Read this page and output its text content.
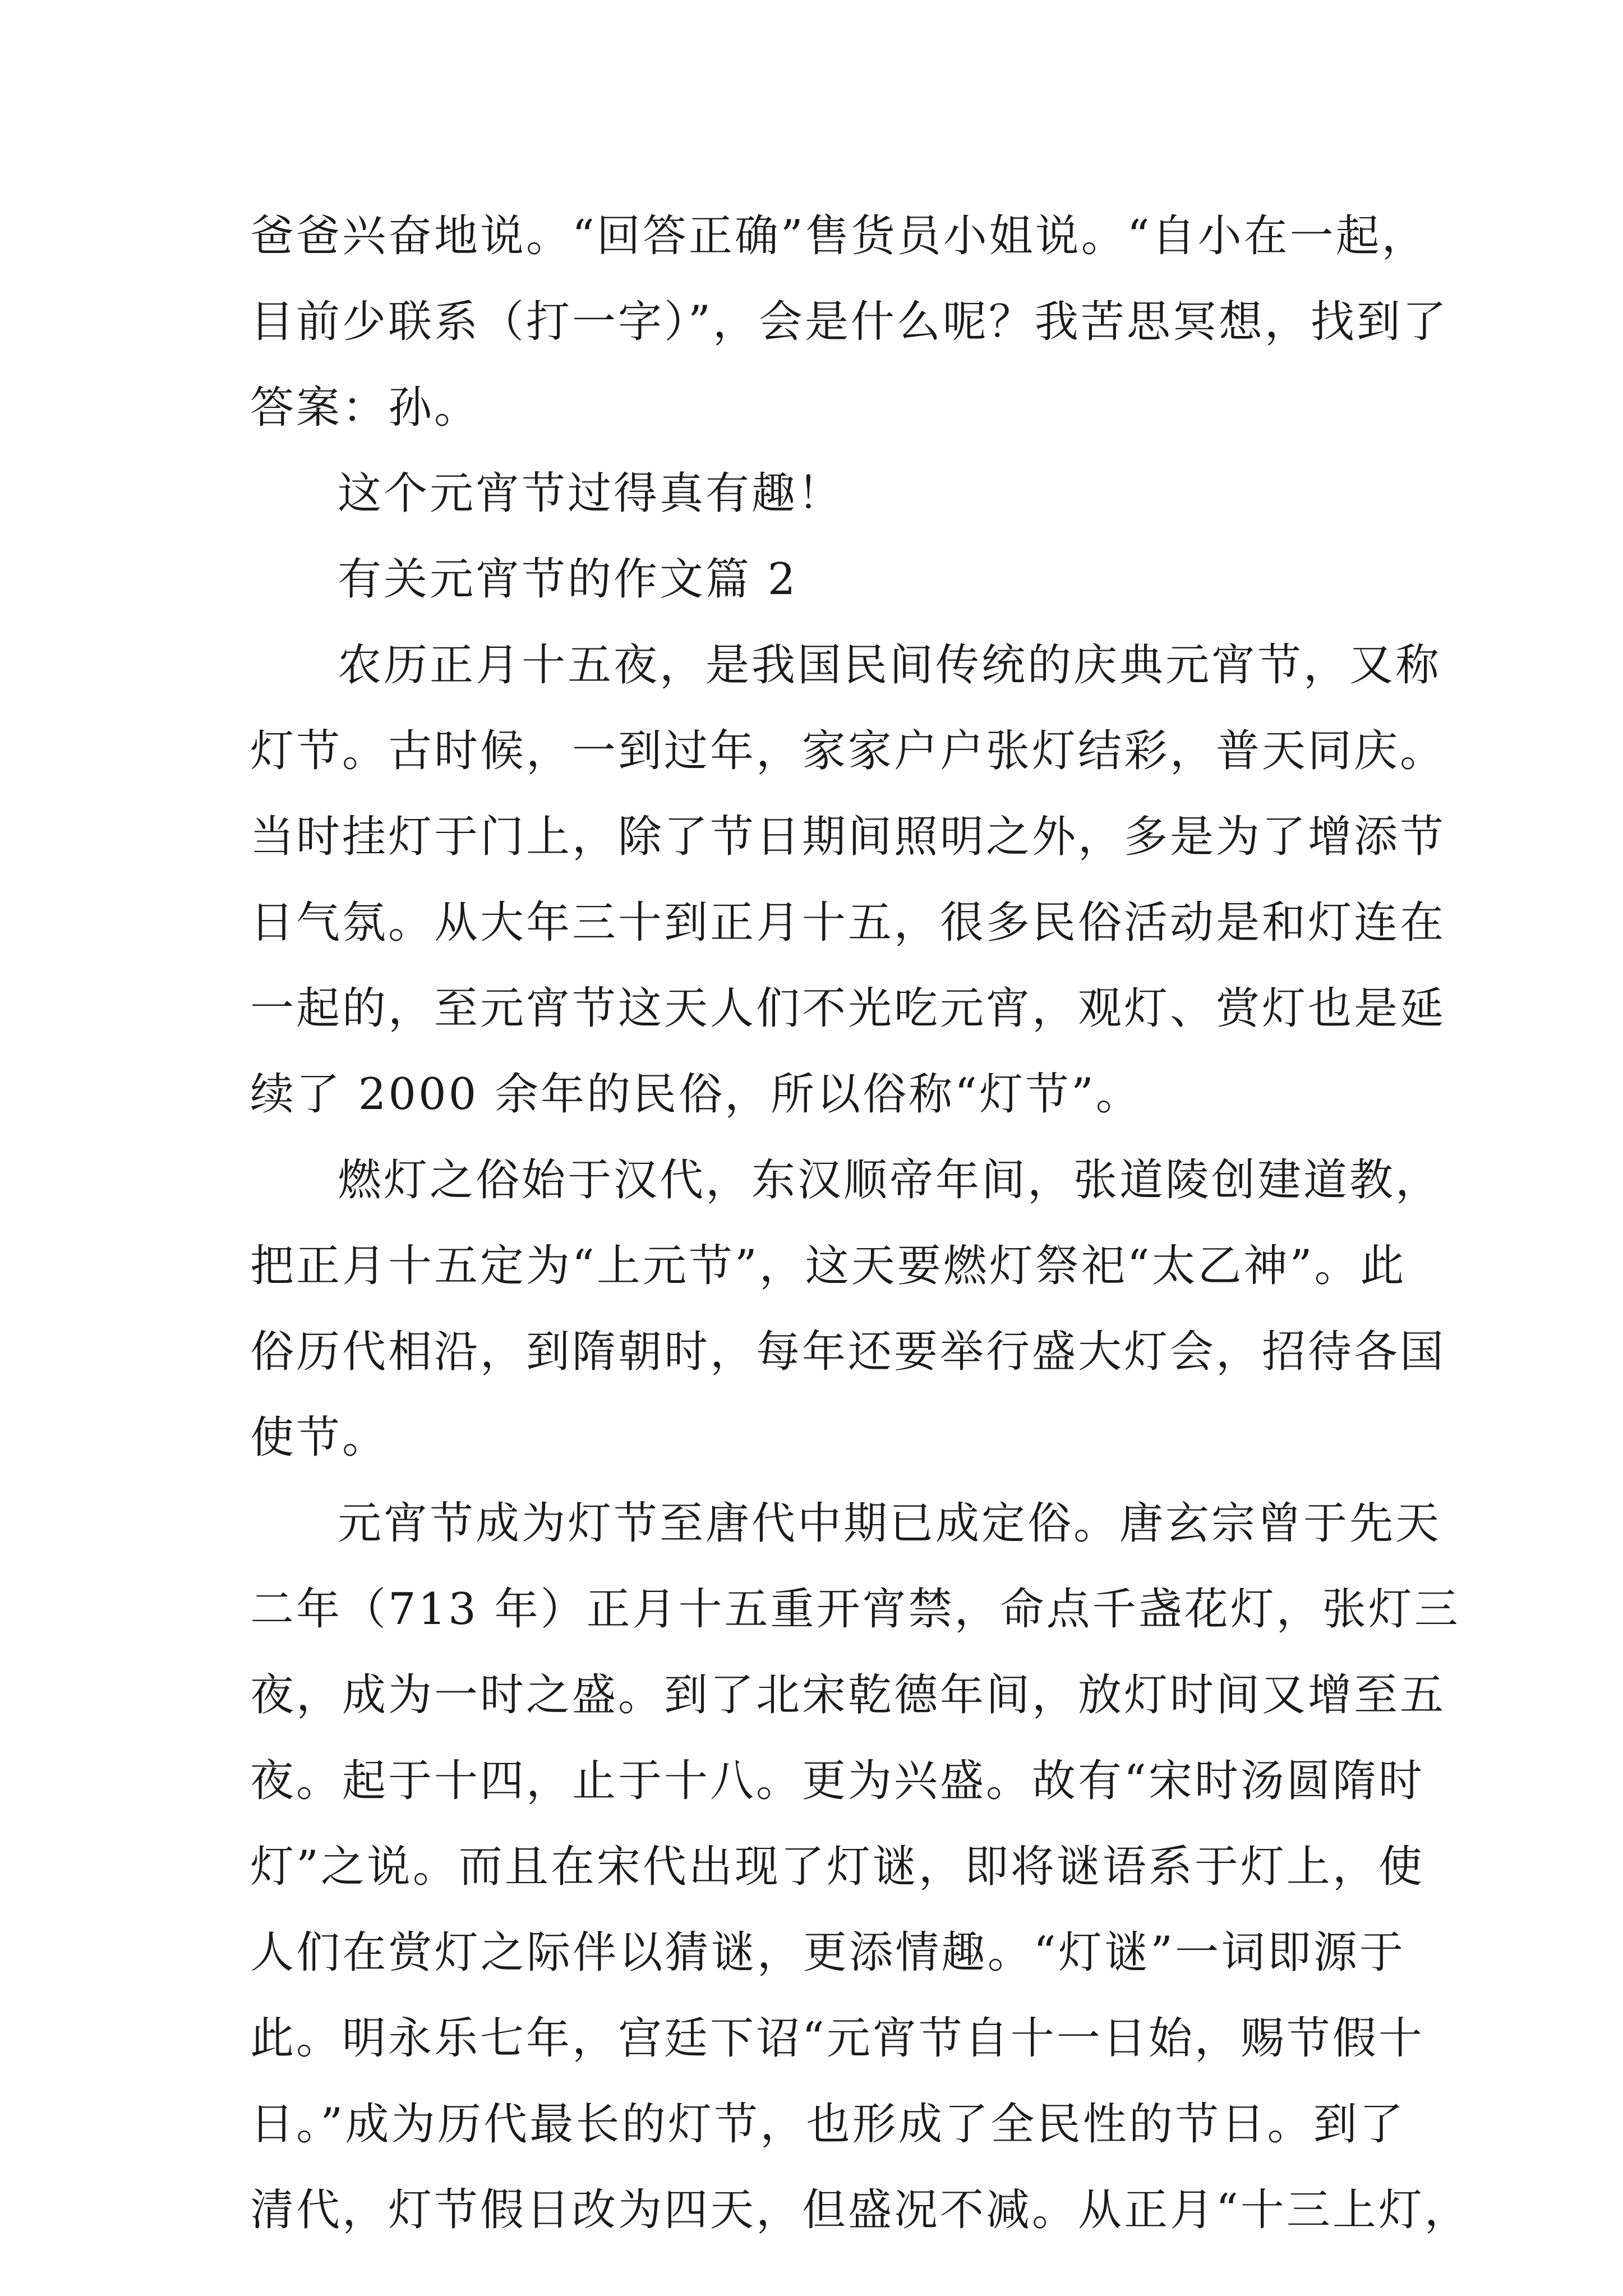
爸爸兴奋地说。“回答正确”售货员小姐说。“自小在一起，
目前少联系（打一字）”，会是什么呢？我苦思冥想，找到了
答案：孙。
这个元宵节过得真有趣！
有关元宵节的作文篇 2
农历正月十五夜，是我国民间传统的庆典元宵节，又称
灯节。古时候，一到过年，家家户户张灯结彩，普天同庆。
当时挂灯于门上，除了节日期间照明之外，多是为了增添节
日气氛。从大年三十到正月十五，很多民俗活动是和灯连在
一起的，至元宵节这天人们不光吃元宵，观灯、赏灯也是延
续了 2000 余年的民俗，所以俗称“灯节”。
燃灯之俗始于汉代，东汉顺帝年间，张道陵创建道教，
把正月十五定为“上元节”，这天要燃灯祭祀“太乙神”。此
俗历代相沿，到隋朝时，每年还要举行盛大灯会，招待各国
使节。
元宵节成为灯节至唐代中期已成定俗。唐玄宗曾于先天
二年（713 年）正月十五重开宵禁，命点千盏花灯，张灯三
夜，成为一时之盛。到了北宋乾德年间，放灯时间又增至五
夜。起于十四，止于十八。更为兴盛。故有“宋时汤圆隋时
灯”之说。而且在宋代出现了灯谜，即将谜语系于灯上，使
人们在赏灯之际伴以猜谜，更添情趣。“灯谜”一词即源于
此。明永乐七年，宫廷下诏“元宵节自十一日始，赐节假十
日。”成为历代最长的灯节，也形成了全民性的节日。到了
清代，灯节假日改为四天，但盛况不减。从正月“十三上灯，
